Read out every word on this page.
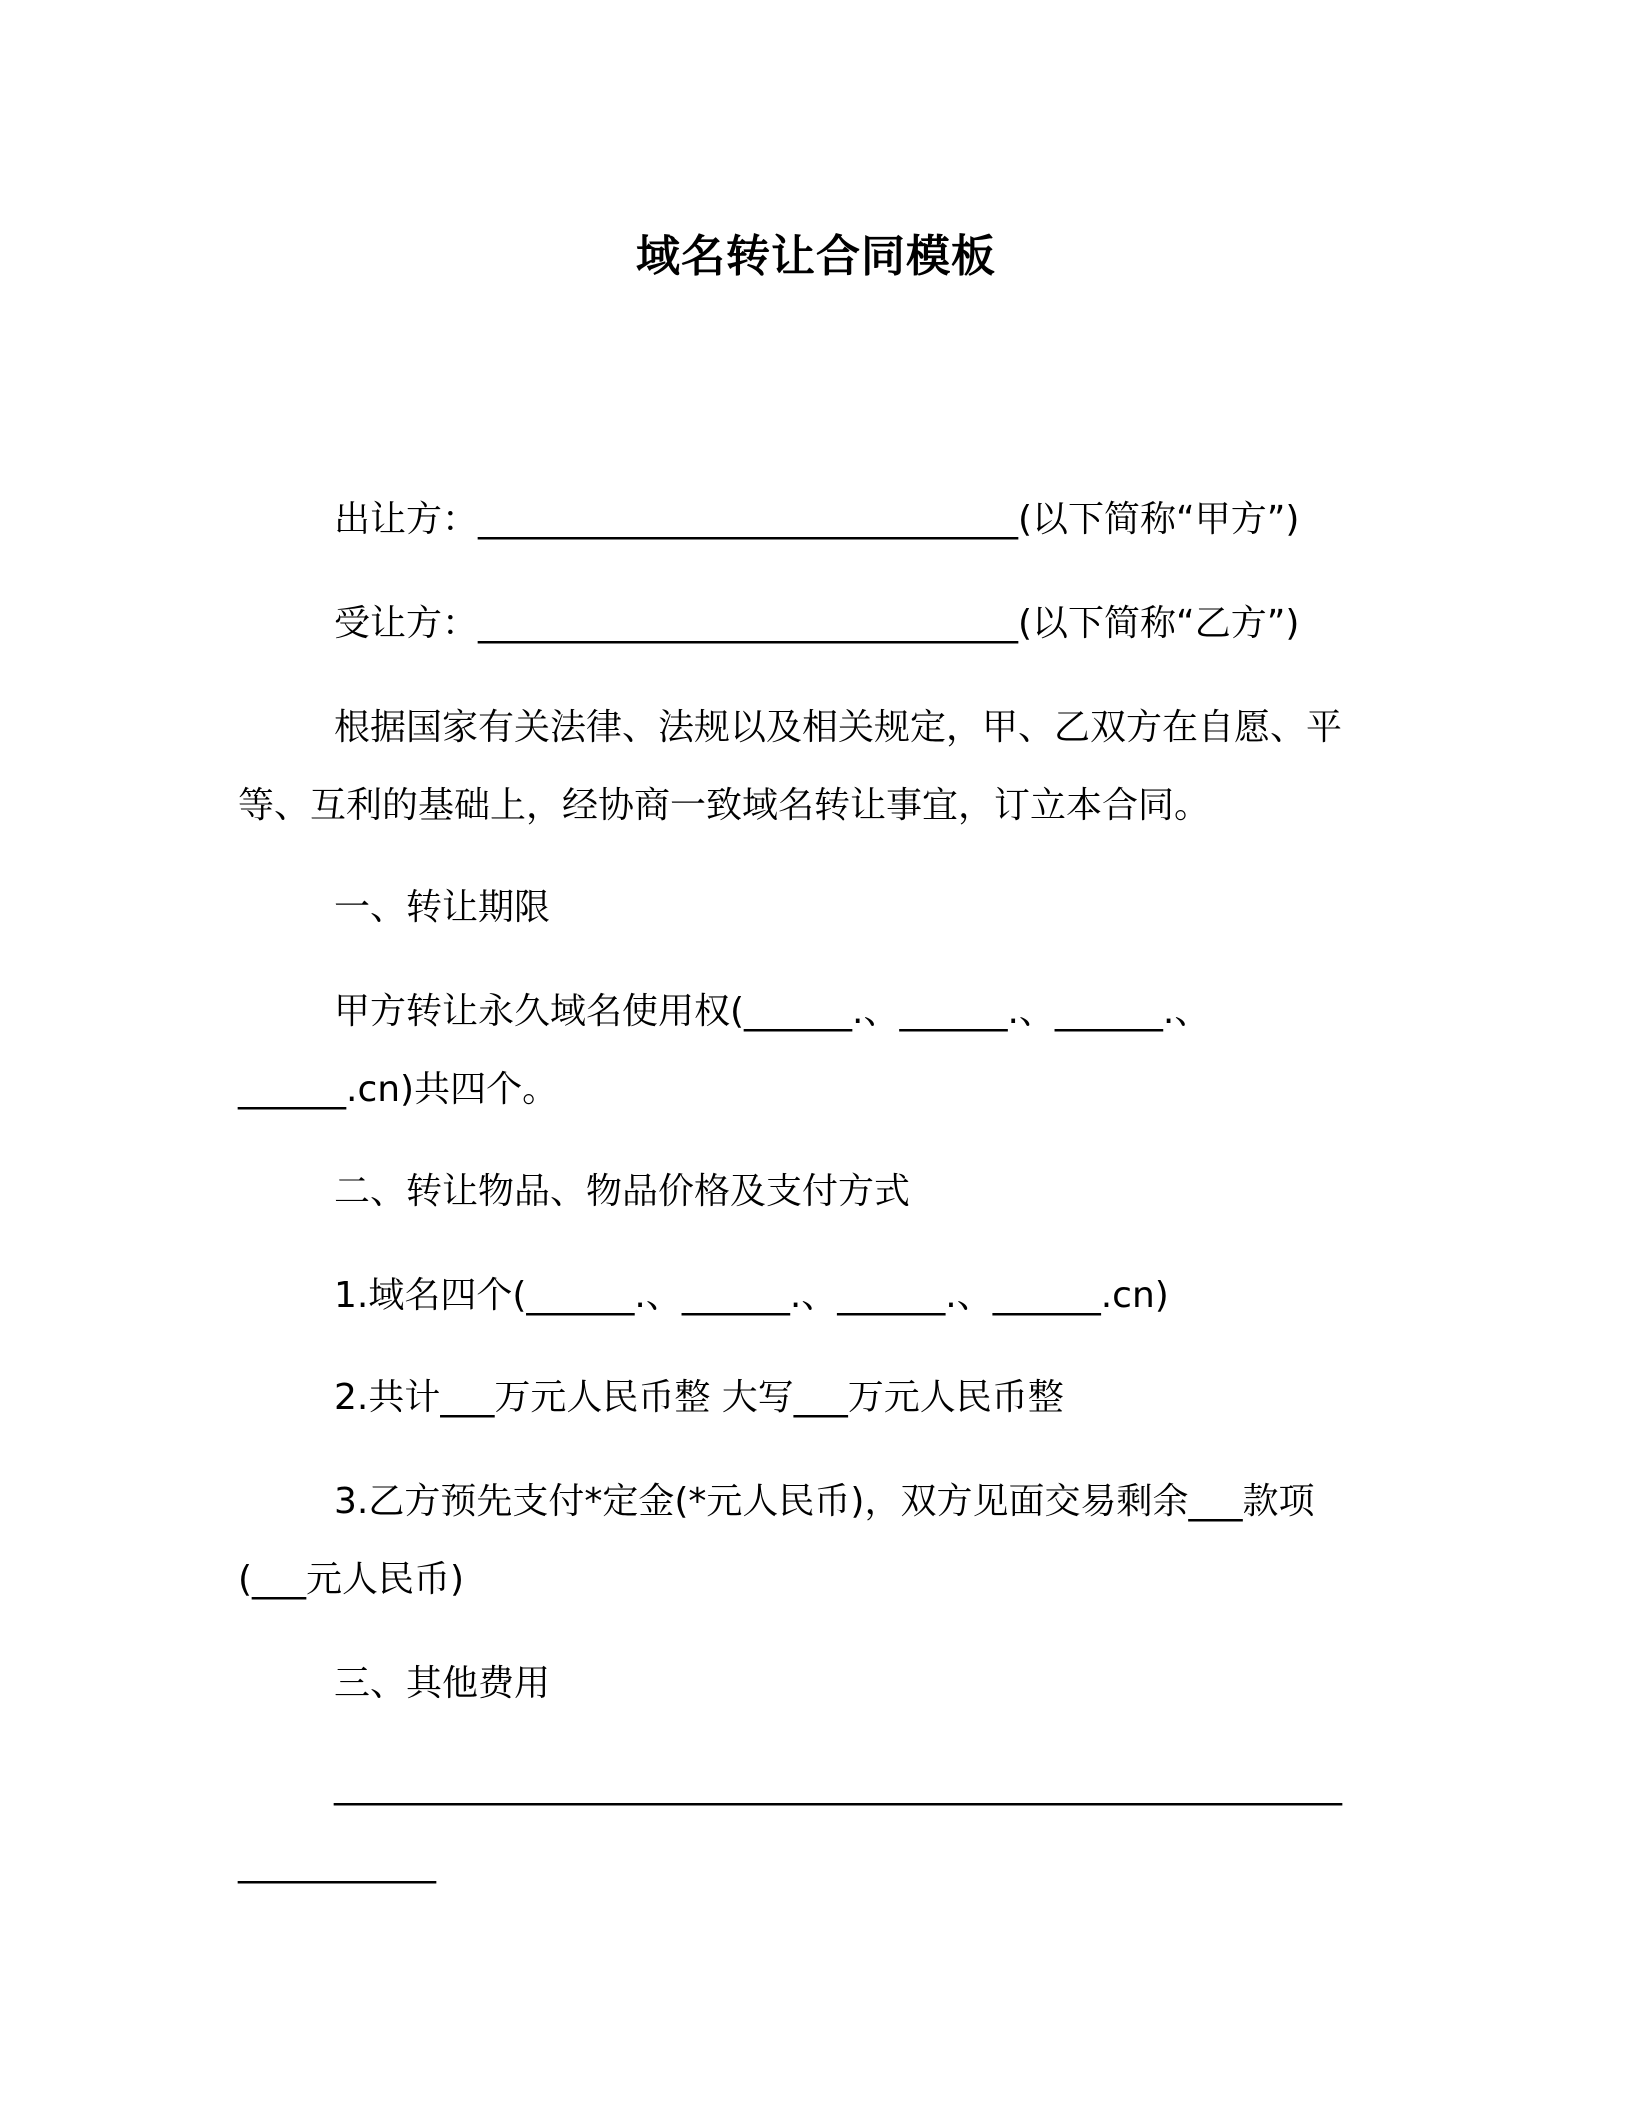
域名转让合同模板
出让方：______________________________(以下简称“甲方”)
受让方：______________________________(以下简称“乙方”)
根据国家有关法律、法规以及相关规定，甲、乙双方在自愿、平
等、互利的基础上，经协商一致域名转让事宜，订立本合同。
一、转让期限
甲方转让永久域名使用权(______.、______.、______.、
______.cn)共四个。
二、转让物品、物品价格及支付方式
1.域名四个(______.、______.、______.、______.cn)
2.共计___万元人民币整 大写___万元人民币整
3.乙方预先支付*定金(*元人民币)，双方见面交易剩余___款项
(___元人民币)
三、其他费用
________________________________________________________
___________
